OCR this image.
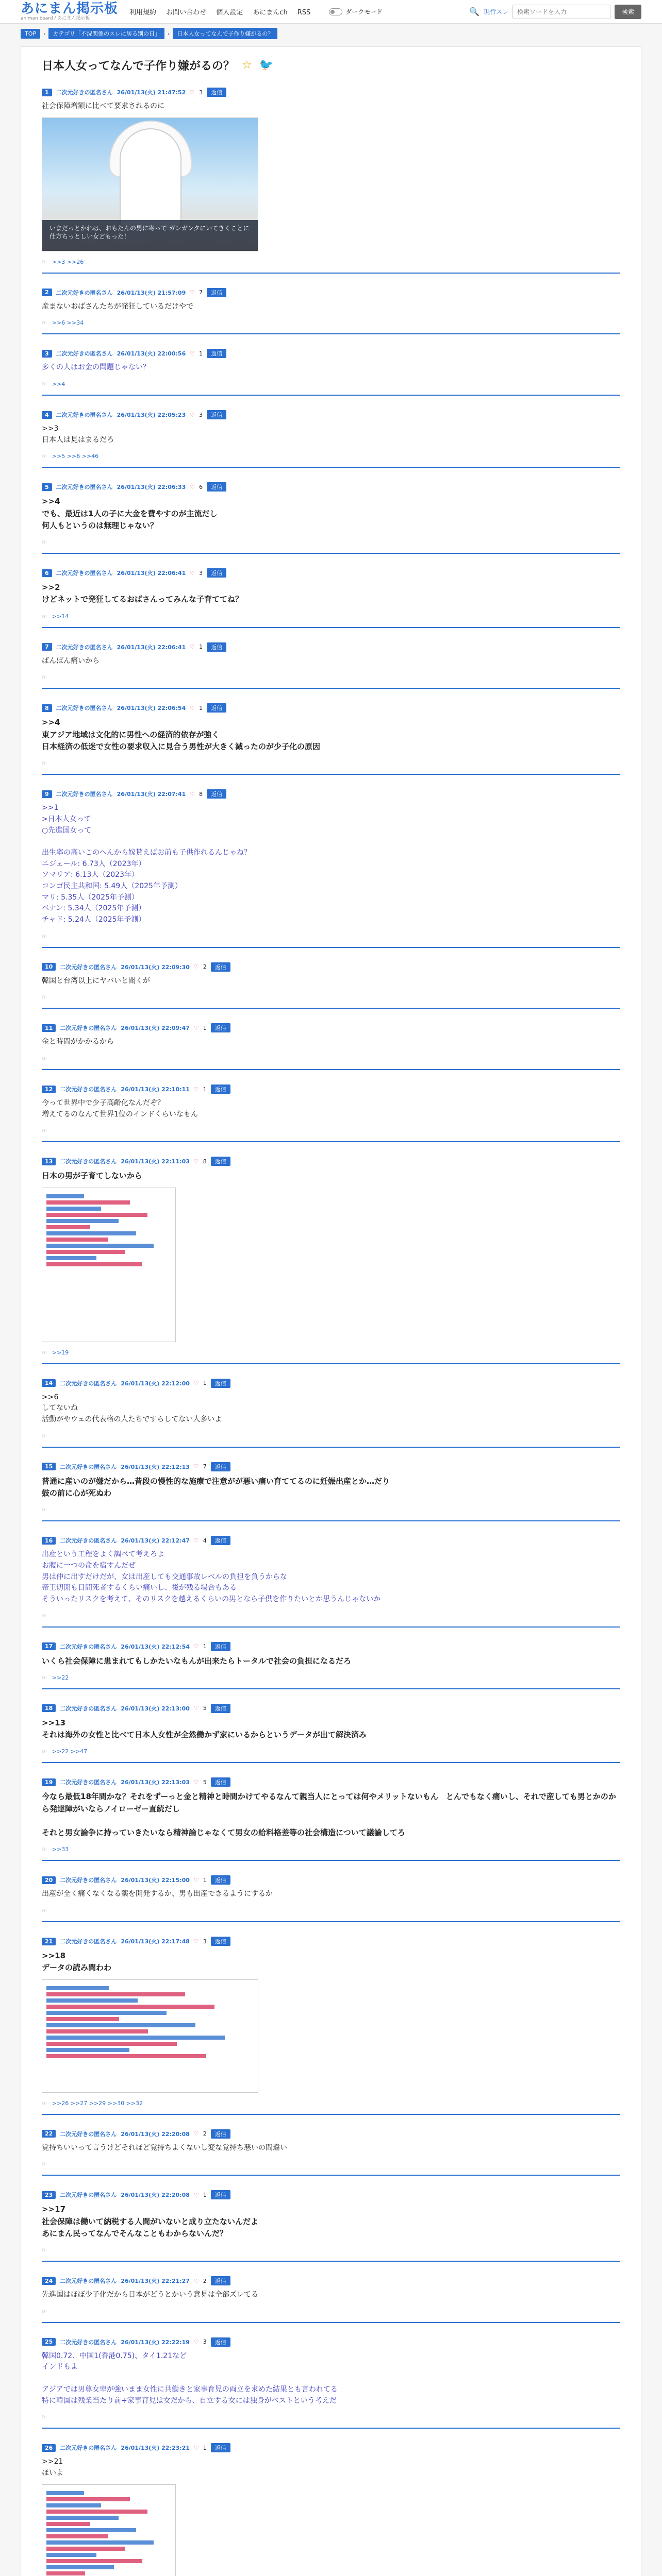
あにまん掲示板
animan board / あにまん掲示板
利用規約 お問い合わせ 個人設定 あにまんch RSS	ダークモード	🔍 現行スレ
検索ワードを入力	検索
TOP	›	カテゴリ「不況関係のスレに居る別の日」	›	日本人女ってなんで子作り嫌がるの？
日本人女ってなんで子作り嫌がるの？ ☆ 🐦
1	二次元好きの匿名さん 26/01/13(火) 21:47:52 ♡ 3	返信
社会保障増額に比べて要求されるのに
いまだっとかれは、おもたんの男に寄って ガンガンタにいてきくことに 仕方ちっとしい女どもった！
☞ >>3 >>26
2	二次元好きの匿名さん 26/01/13(火) 21:57:09 ♡ 7	返信
産まないおばさんたちが発狂しているだけやで
☞ >>6 >>34
3	二次元好きの匿名さん 26/01/13(火) 22:00:56 ♡ 1	返信
多くの人はお金の問題じゃない？
☞ >>4
4	二次元好きの匿名さん 26/01/13(火) 22:05:23 ♡ 3	返信
>>3
日本人は見はまるだろ
☞ >>5 >>6 >>46
5	二次元好きの匿名さん 26/01/13(火) 22:06:33 ♡ 6	返信
>>4
でも、最近は1人の子に大金を費やすのが主流だし
何人もというのは無理じゃない？
☞
6	二次元好きの匿名さん 26/01/13(火) 22:06:41 ♡ 3	返信
>>2
けどネットで発狂してるおばさんってみんな子育ててね？
☞ >>14
7	二次元好きの匿名さん 26/01/13(火) 22:06:41 ♡ 1	返信
ばんばん痛いから
☞
8	二次元好きの匿名さん 26/01/13(火) 22:06:54 ♡ 1	返信
>>4
東アジア地域は文化的に男性への経済的依存が強く
日本経済の低迷で女性の要求収入に見合う男性が大きく減ったのが少子化の原因
☞
9	二次元好きの匿名さん 26/01/13(火) 22:07:41 ♡ 8	返信
>>1
>日本人女って
○先進国女って

出生率の高いこのへんから嫁貰えばお前も子供作れるんじゃね？
ニジェール: 6.73人（2023年）
ソマリア: 6.13人（2023年）
コンゴ民主共和国: 5.49人（2025年予測）
マリ: 5.35人（2025年予測）
ベナン: 5.34人（2025年予測）
チャド: 5.24人（2025年予測）
☞
10	二次元好きの匿名さん 26/01/13(火) 22:09:30 ♡ 2	返信
韓国と台湾以上にヤバいと聞くが
☞
11	二次元好きの匿名さん 26/01/13(火) 22:09:47 ♡ 1	返信
金と時間がかかるから
☞
12	二次元好きの匿名さん 26/01/13(火) 22:10:11 ♡ 1	返信
今って世界中で少子高齢化なんだぞ？
増えてるのなんて世界1位のインドくらいなもん
☞
13	二次元好きの匿名さん 26/01/13(火) 22:11:03 ♡ 8	返信
日本の男が子育てしないから
☞ >>19
14	二次元好きの匿名さん 26/01/13(火) 22:12:00 ♡ 1	返信
>>6
してないね
活動がやウェの代表格の人たちですらしてない人多いよ
☞
15	二次元好きの匿名さん 26/01/13(火) 22:12:13 ♡ 7	返信
普通に産いのが嫌だから…昔段の慢性的な施療で注意がが悪い痛い育ててるのに妊娠出産とか…だり
鼓の前に心が死ぬわ
☞
16	二次元好きの匿名さん 26/01/13(火) 22:12:47 ♡ 4	返信
出産という工程をよく調べて考えろよ
お腹に一つの命を宿すんだぜ
男は仲に出すだけだが、女は出産しても交通事故レベルの負担を負うからな
帝王切開も日間死者するくらい痛いし、後が残る場合もある
そういったリスクを考えて、そのリスクを越えるくらいの男となら子供を作りたいとか思うんじゃないか
☞
17	二次元好きの匿名さん 26/01/13(火) 22:12:54 ♡ 1	返信
いくら社会保障に患まれてもしかたいなもんが出来たらトータルで社会の負担になるだろ
☞ >>22
18	二次元好きの匿名さん 26/01/13(火) 22:13:00 ♡ 5	返信
>>13
それは海外の女性と比べて日本人女性が全然働かず家にいるからというデータが出て解決済み
☞ >>22 >>47
19	二次元好きの匿名さん 26/01/13(火) 22:13:03 ♡ 5	返信
今なら最低18年間かな？それをずーっと金と精神と時間かけてやるなんて親当人にとっては何やメリットないもん　とんでもなく痛いし、それで産しても男とかのから発達障がいならノイローゼー直続だし

それと男女論争に持っていきたいなら精神論じゃなくて男女の給料格差等の社会構造について議論してろ
☞ >>33
20	二次元好きの匿名さん 26/01/13(火) 22:15:00 ♡ 1	返信
出産が全く痛くなくなる薬を開発するか、男も出産できるようにするか
☞
21	二次元好きの匿名さん 26/01/13(火) 22:17:48 ♡ 3	返信
>>18
データの読み間わわ
☞ >>26 >>27 >>29 >>30 >>32
22	二次元好きの匿名さん 26/01/13(火) 22:20:08 ♡ 2	返信
覚持ちいいって言うけどそれほど覚持ちよくないし変な覚持ち悪いの間違い
☞
23	二次元好きの匿名さん 26/01/13(火) 22:20:08 ♡ 1	返信
>>17
社会保障は働いて納税する人間がいないと成り立たないんだよ
あにまん民ってなんでそんなこともわからないんだ？
☞
24	二次元好きの匿名さん 26/01/13(火) 22:21:27 ♡ 2	返信
先進国はほぼ少子化だから日本がどうとかいう意見は全部ズレてる
☞
25	二次元好きの匿名さん 26/01/13(火) 22:22:19 ♡ 3	返信
韓国0.72、中国1(香港0.75)、タイ1.21など
インドもよ

アジアでは男尊女卑が強いまま女性に共働きと家事育児の両立を求めた結果とも言われてる
特に韓国は残業当たり前+家事育児は女だから、自立する女には独身がベストという考えだ
☞
26	二次元好きの匿名さん 26/01/13(火) 22:23:21 ♡ 1	返信
>>21
ほいよ
